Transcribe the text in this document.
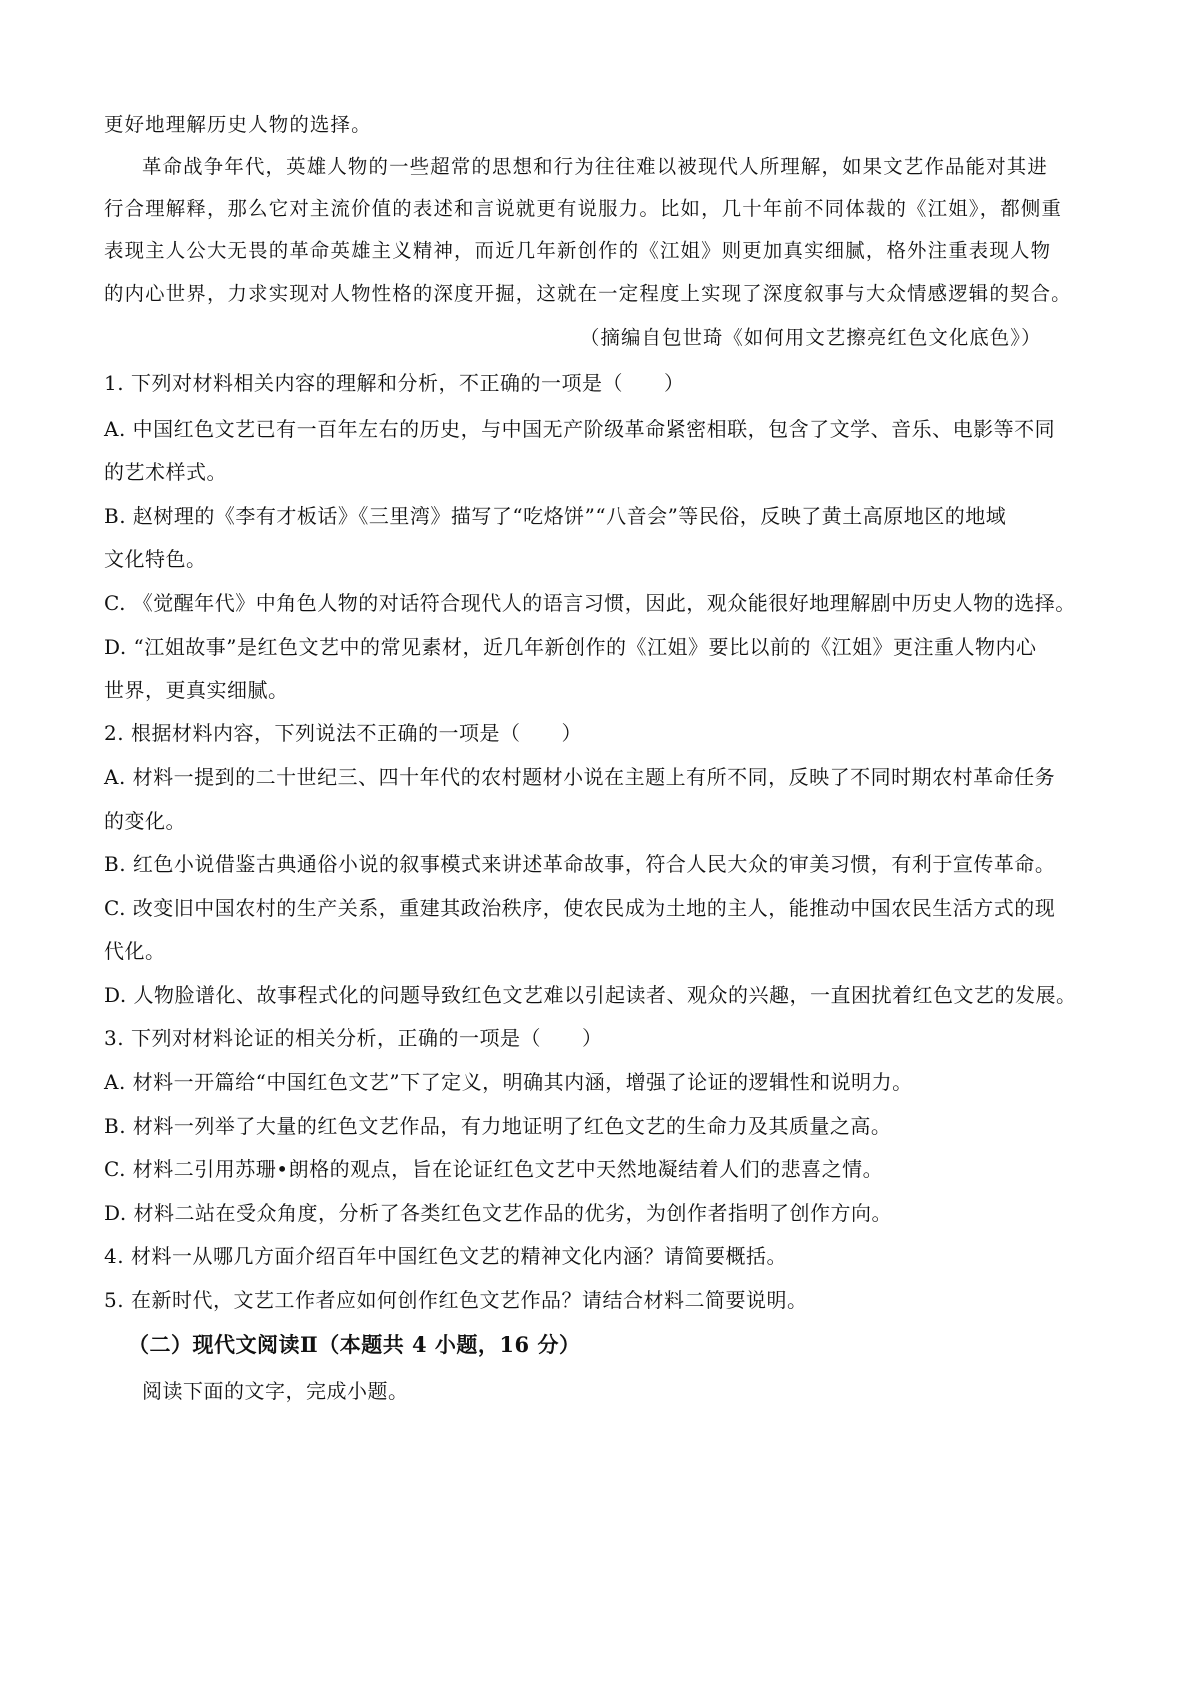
更好地理解历史人物的选择。
革命战争年代，英雄人物的一些超常的思想和行为往往难以被现代人所理解，如果文艺作品能对其进
行合理解释，那么它对主流价值的表述和言说就更有说服力。比如，几十年前不同体裁的《江姐》，都侧重
表现主人公大无畏的革命英雄主义精神，而近几年新创作的《江姐》则更加真实细腻，格外注重表现人物
的内心世界，力求实现对人物性格的深度开掘，这就在一定程度上实现了深度叙事与大众情感逻辑的契合。
（摘编自包世琦《如何用文艺擦亮红色文化底色》）
1. 下列对材料相关内容的理解和分析，不正确的一项是（　　）
A. 中国红色文艺已有一百年左右的历史，与中国无产阶级革命紧密相联，包含了文学、音乐、电影等不同
的艺术样式。
B. 赵树理的《李有才板话》《三里湾》描写了“吃烙饼”“八音会”等民俗，反映了黄土高原地区的地域
文化特色。
C. 《觉醒年代》中角色人物的对话符合现代人的语言习惯，因此，观众能很好地理解剧中历史人物的选择。
D. “江姐故事”是红色文艺中的常见素材，近几年新创作的《江姐》要比以前的《江姐》更注重人物内心
世界，更真实细腻。
2. 根据材料内容，下列说法不正确的一项是（　　）
A. 材料一提到的二十世纪三、四十年代的农村题材小说在主题上有所不同，反映了不同时期农村革命任务
的变化。
B. 红色小说借鉴古典通俗小说的叙事模式来讲述革命故事，符合人民大众的审美习惯，有利于宣传革命。
C. 改变旧中国农村的生产关系，重建其政治秩序，使农民成为土地的主人，能推动中国农民生活方式的现
代化。
D. 人物脸谱化、故事程式化的问题导致红色文艺难以引起读者、观众的兴趣，一直困扰着红色文艺的发展。
3. 下列对材料论证的相关分析，正确的一项是（　　）
A. 材料一开篇给“中国红色文艺”下了定义，明确其内涵，增强了论证的逻辑性和说明力。
B. 材料一列举了大量的红色文艺作品，有力地证明了红色文艺的生命力及其质量之高。
C. 材料二引用苏珊•朗格的观点，旨在论证红色文艺中天然地凝结着人们的悲喜之情。
D. 材料二站在受众角度，分析了各类红色文艺作品的优劣，为创作者指明了创作方向。
4. 材料一从哪几方面介绍百年中国红色文艺的精神文化内涵？请简要概括。
5. 在新时代，文艺工作者应如何创作红色文艺作品？请结合材料二简要说明。
（二）现代文阅读Ⅱ（本题共 4 小题，16 分）
阅读下面的文字，完成小题。
